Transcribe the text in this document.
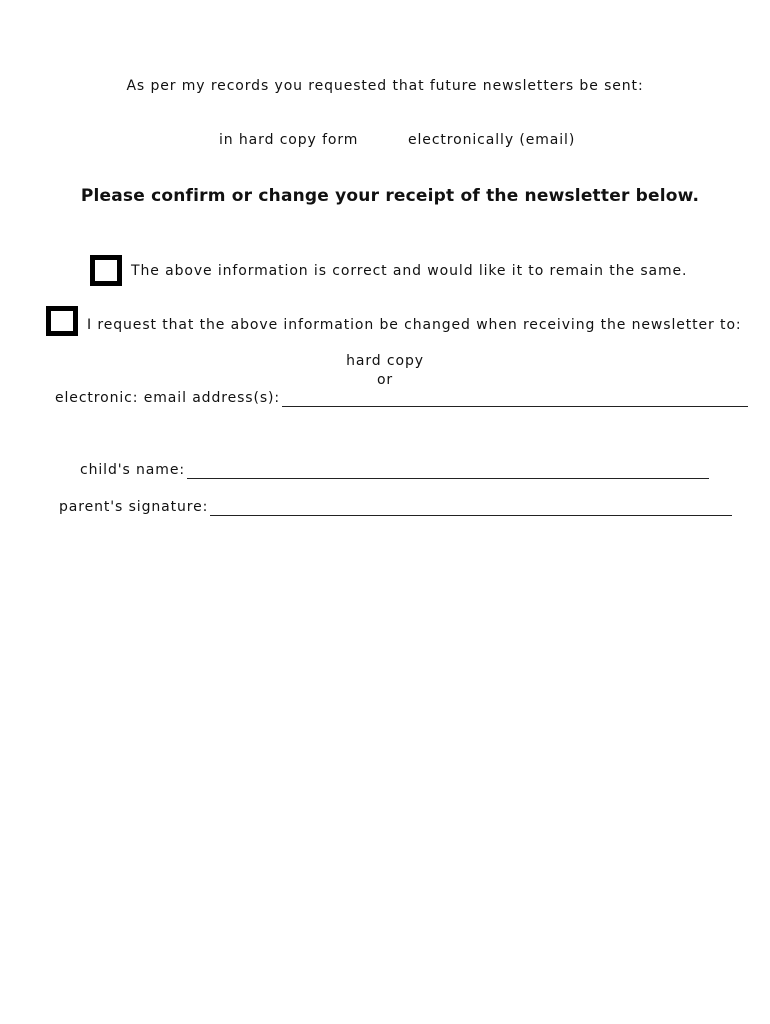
As per my records you requested that future newsletters be sent:
in hard copy form	electronically (email)
Please confirm or change your receipt of the newsletter below.
The above information is correct and would like it to remain the same.
I request that the above information be changed when receiving the newsletter to:
hard copy
or
electronic: email address(s):
child's name:
parent's signature:
